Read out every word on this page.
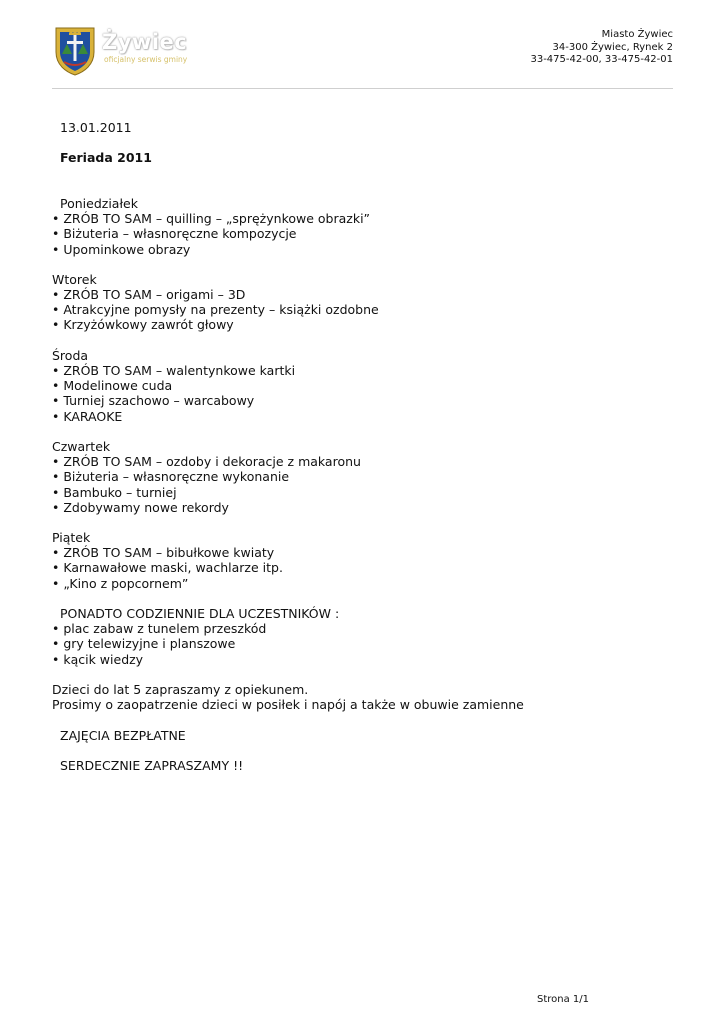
Żywiec
oficjalny serwis gminy
Miasto Żywiec
34-300 Żywiec, Rynek 2
33-475-42-00, 33-475-42-01
13.01.2011
Feriada 2011
Poniedziałek
• ZRÓB TO SAM – quilling – „sprężynkowe obrazki”
• Biżuteria – własnoręczne kompozycje
• Upominkowe obrazy
Wtorek
• ZRÓB TO SAM – origami – 3D
• Atrakcyjne pomysły na prezenty – książki ozdobne
• Krzyżówkowy zawrót głowy
Środa
• ZRÓB TO SAM – walentynkowe kartki
• Modelinowe cuda
• Turniej szachowo – warcabowy
• KARAOKE
Czwartek
• ZRÓB TO SAM – ozdoby i dekoracje z makaronu
• Biżuteria – własnoręczne wykonanie
• Bambuko – turniej
• Zdobywamy nowe rekordy
Piątek
• ZRÓB TO SAM – bibułkowe kwiaty
• Karnawałowe maski, wachlarze itp.
• „Kino z popcornem”
PONADTO CODZIENNIE DLA UCZESTNIKÓW :
• plac zabaw z tunelem przeszkód
• gry telewizyjne i planszowe
• kącik wiedzy
Dzieci do lat 5 zapraszamy z opiekunem.
Prosimy o zaopatrzenie dzieci w posiłek i napój a także w obuwie zamienne
ZAJĘCIA BEZPŁATNE
SERDECZNIE ZAPRASZAMY !!
Strona 1/1
